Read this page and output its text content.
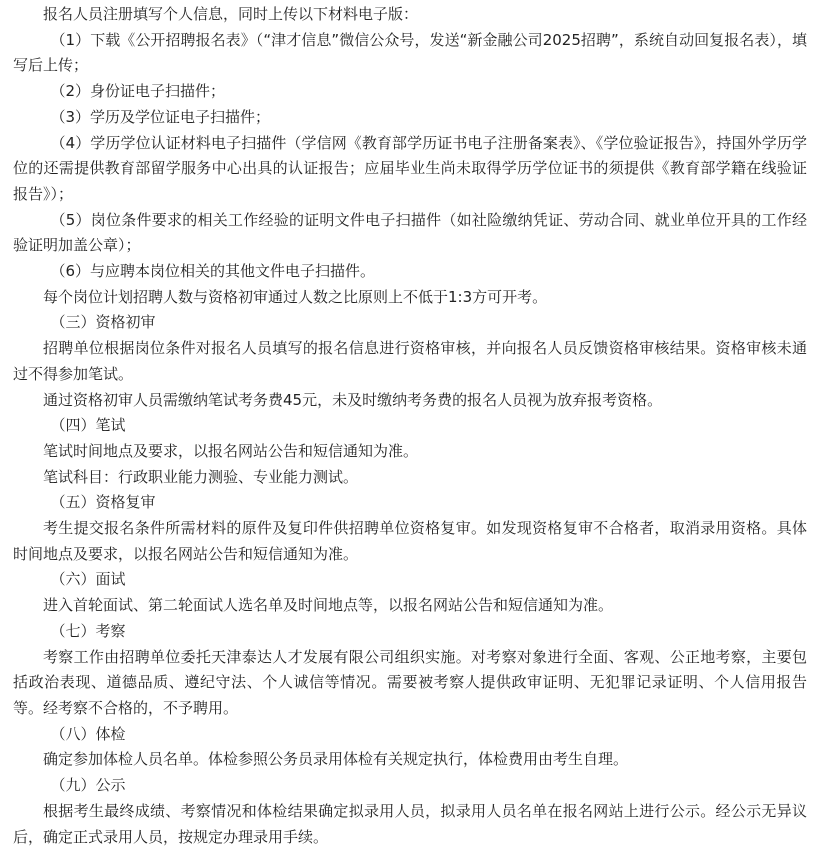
报名人员注册填写个人信息，同时上传以下材料电子版：

（1）下载《公开招聘报名表》（“津才信息”微信公众号，发送“新金融公司2025招聘”，系统自动回复报名表），填写后上传；

（2）身份证电子扫描件；

（3）学历及学位证电子扫描件；

（4）学历学位认证材料电子扫描件（学信网《教育部学历证书电子注册备案表》、《学位验证报告》，持国外学历学位的还需提供教育部留学服务中心出具的认证报告；应届毕业生尚未取得学历学位证书的须提供《教育部学籍在线验证报告》）；

（5）岗位条件要求的相关工作经验的证明文件电子扫描件（如社险缴纳凭证、劳动合同、就业单位开具的工作经验证明加盖公章）；

（6）与应聘本岗位相关的其他文件电子扫描件。

每个岗位计划招聘人数与资格初审通过人数之比原则上不低于1:3方可开考。

（三）资格初审

招聘单位根据岗位条件对报名人员填写的报名信息进行资格审核，并向报名人员反馈资格审核结果。资格审核未通过不得参加笔试。

通过资格初审人员需缴纳笔试考务费45元，未及时缴纳考务费的报名人员视为放弃报考资格。

（四）笔试

笔试时间地点及要求，以报名网站公告和短信通知为准。

笔试科目：行政职业能力测验、专业能力测试。

（五）资格复审

考生提交报名条件所需材料的原件及复印件供招聘单位资格复审。如发现资格复审不合格者，取消录用资格。具体时间地点及要求，以报名网站公告和短信通知为准。

（六）面试

进入首轮面试、第二轮面试人选名单及时间地点等，以报名网站公告和短信通知为准。

（七）考察

考察工作由招聘单位委托天津泰达人才发展有限公司组织实施。对考察对象进行全面、客观、公正地考察，主要包括政治表现、道德品质、遵纪守法、个人诚信等情况。需要被考察人提供政审证明、无犯罪记录证明、个人信用报告等。经考察不合格的，不予聘用。

（八）体检

确定参加体检人员名单。体检参照公务员录用体检有关规定执行，体检费用由考生自理。

（九）公示

根据考生最终成绩、考察情况和体检结果确定拟录用人员，拟录用人员名单在报名网站上进行公示。经公示无异议后，确定正式录用人员，按规定办理录用手续。
